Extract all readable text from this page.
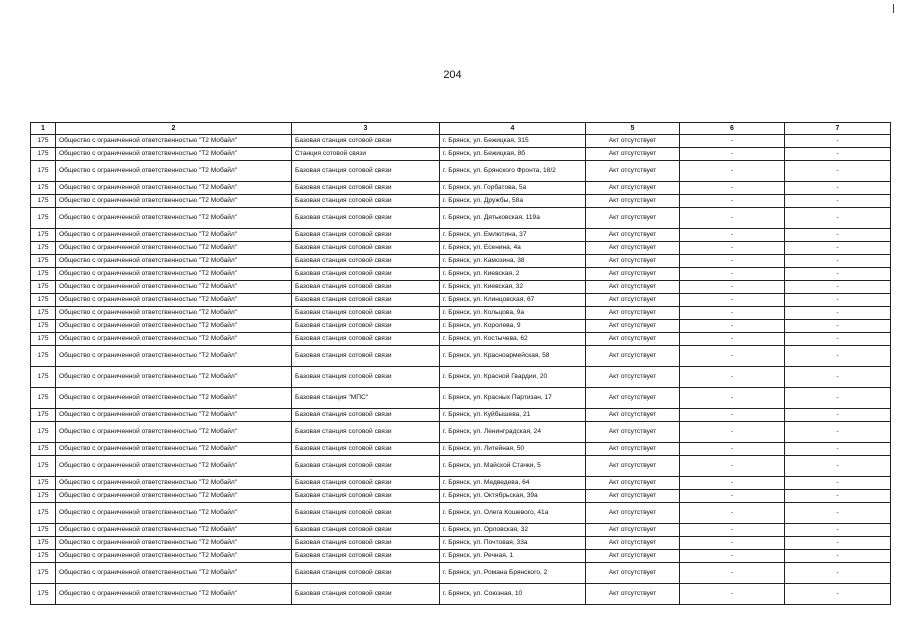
204
1	2	3	4	5	6	7
175	Общество с ограниченной ответственностью "Т2 Мобайл"	Базовая станция сотовой связи	г. Брянск, ул. Бежицкая, 315	Акт отсутствует	-	-
175	Общество с ограниченной ответственностью "Т2 Мобайл"	Станция сотовой связи	г. Брянск, ул. Бежицкая, 8б	Акт отсутствует	-	-
175	Общество с ограниченной ответственностью "Т2 Мобайл"	Базовая станция сотовой связи	г. Брянск, ул. Брянского Фронта, 18/2	Акт отсутствует	-	-
175	Общество с ограниченной ответственностью "Т2 Мобайл"	Базовая станция сотовой связи	г. Брянск, ул. Горбатова, 5а	Акт отсутствует	-	-
175	Общество с ограниченной ответственностью "Т2 Мобайл"	Базовая станция сотовой связи	г. Брянск, ул. Дружбы, 58а	Акт отсутствует	-	-
175	Общество с ограниченной ответственностью "Т2 Мобайл"	Базовая станция сотовой связи	г. Брянск, ул. Дятьковская, 119а	Акт отсутствует	-	-
175	Общество с ограниченной ответственностью "Т2 Мобайл"	Базовая станция сотовой связи	г. Брянск, ул. Емлютина, 37	Акт отсутствует	-	-
175	Общество с ограниченной ответственностью "Т2 Мобайл"	Базовая станция сотовой связи	г. Брянск, ул. Есенина, 4а	Акт отсутствует	-	-
175	Общество с ограниченной ответственностью "Т2 Мобайл"	Базовая станция сотовой связи	г. Брянск, ул. Камозина, 38	Акт отсутствует	-	-
175	Общество с ограниченной ответственностью "Т2 Мобайл"	Базовая станция сотовой связи	г. Брянск, ул. Киевская, 2	Акт отсутствует	-	-
175	Общество с ограниченной ответственностью "Т2 Мобайл"	Базовая станция сотовой связи	г. Брянск, ул. Киевская, 32	Акт отсутствует	-	-
175	Общество с ограниченной ответственностью "Т2 Мобайл"	Базовая станция сотовой связи	г. Брянск, ул. Клинцовская, 67	Акт отсутствует	-	-
175	Общество с ограниченной ответственностью "Т2 Мобайл"	Базовая станция сотовой связи	г. Брянск, ул. Кольцова, 9а	Акт отсутствует	-	-
175	Общество с ограниченной ответственностью "Т2 Мобайл"	Базовая станция сотовой связи	г. Брянск, ул. Королева, 9	Акт отсутствует	-	-
175	Общество с ограниченной ответственностью "Т2 Мобайл"	Базовая станция сотовой связи	г. Брянск, ул. Костычева, 62	Акт отсутствует	-	-
175	Общество с ограниченной ответственностью "Т2 Мобайл"	Базовая станция сотовой связи	г. Брянск, ул. Красноармейская, 58	Акт отсутствует	-	-
175	Общество с ограниченной ответственностью "Т2 Мобайл"	Базовая станция сотовой связи	г. Брянск, ул. Красной Гвардии, 20	Акт отсутствует	-	-
175	Общество с ограниченной ответственностью "Т2 Мобайл"	Базовая станция "МПС"	г. Брянск, ул. Красных Партизан, 17	Акт отсутствует	-	-
175	Общество с ограниченной ответственностью "Т2 Мобайл"	Базовая станция сотовой связи	г. Брянск, ул. Куйбышева, 21	Акт отсутствует	-	-
175	Общество с ограниченной ответственностью "Т2 Мобайл"	Базовая станция сотовой связи	г. Брянск, ул. Ленинградская, 24	Акт отсутствует	-	-
175	Общество с ограниченной ответственностью "Т2 Мобайл"	Базовая станция сотовой связи	г. Брянск, ул. Литейная, 50	Акт отсутствует	-	-
175	Общество с ограниченной ответственностью "Т2 Мобайл"	Базовая станция сотовой связи	г. Брянск, ул. Майской Стачки, 5	Акт отсутствует	-	-
175	Общество с ограниченной ответственностью "Т2 Мобайл"	Базовая станция сотовой связи	г. Брянск, ул. Медведева, 64	Акт отсутствует	-	-
175	Общество с ограниченной ответственностью "Т2 Мобайл"	Базовая станция сотовой связи	г. Брянск, ул. Октябрьская, 39а	Акт отсутствует	-	-
175	Общество с ограниченной ответственностью "Т2 Мобайл"	Базовая станция сотовой связи	г. Брянск, ул. Олега Кошевого, 41а	Акт отсутствует	-	-
175	Общество с ограниченной ответственностью "Т2 Мобайл"	Базовая станция сотовой связи	г. Брянск, ул. Орловская, 32	Акт отсутствует	-	-
175	Общество с ограниченной ответственностью "Т2 Мобайл"	Базовая станция сотовой связи	г. Брянск, ул. Почтовая, 33а	Акт отсутствует	-	-
175	Общество с ограниченной ответственностью "Т2 Мобайл"	Базовая станция сотовой связи	г. Брянск, ул. Речная, 1	Акт отсутствует	-	-
175	Общество с ограниченной ответственностью "Т2 Мобайл"	Базовая станция сотовой связи	г. Брянск, ул. Романа Брянского, 2	Акт отсутствует	-	-
175	Общество с ограниченной ответственностью "Т2 Мобайл"	Базовая станция сотовой связи	г. Брянск, ул. Союзная, 10	Акт отсутствует	-	-
